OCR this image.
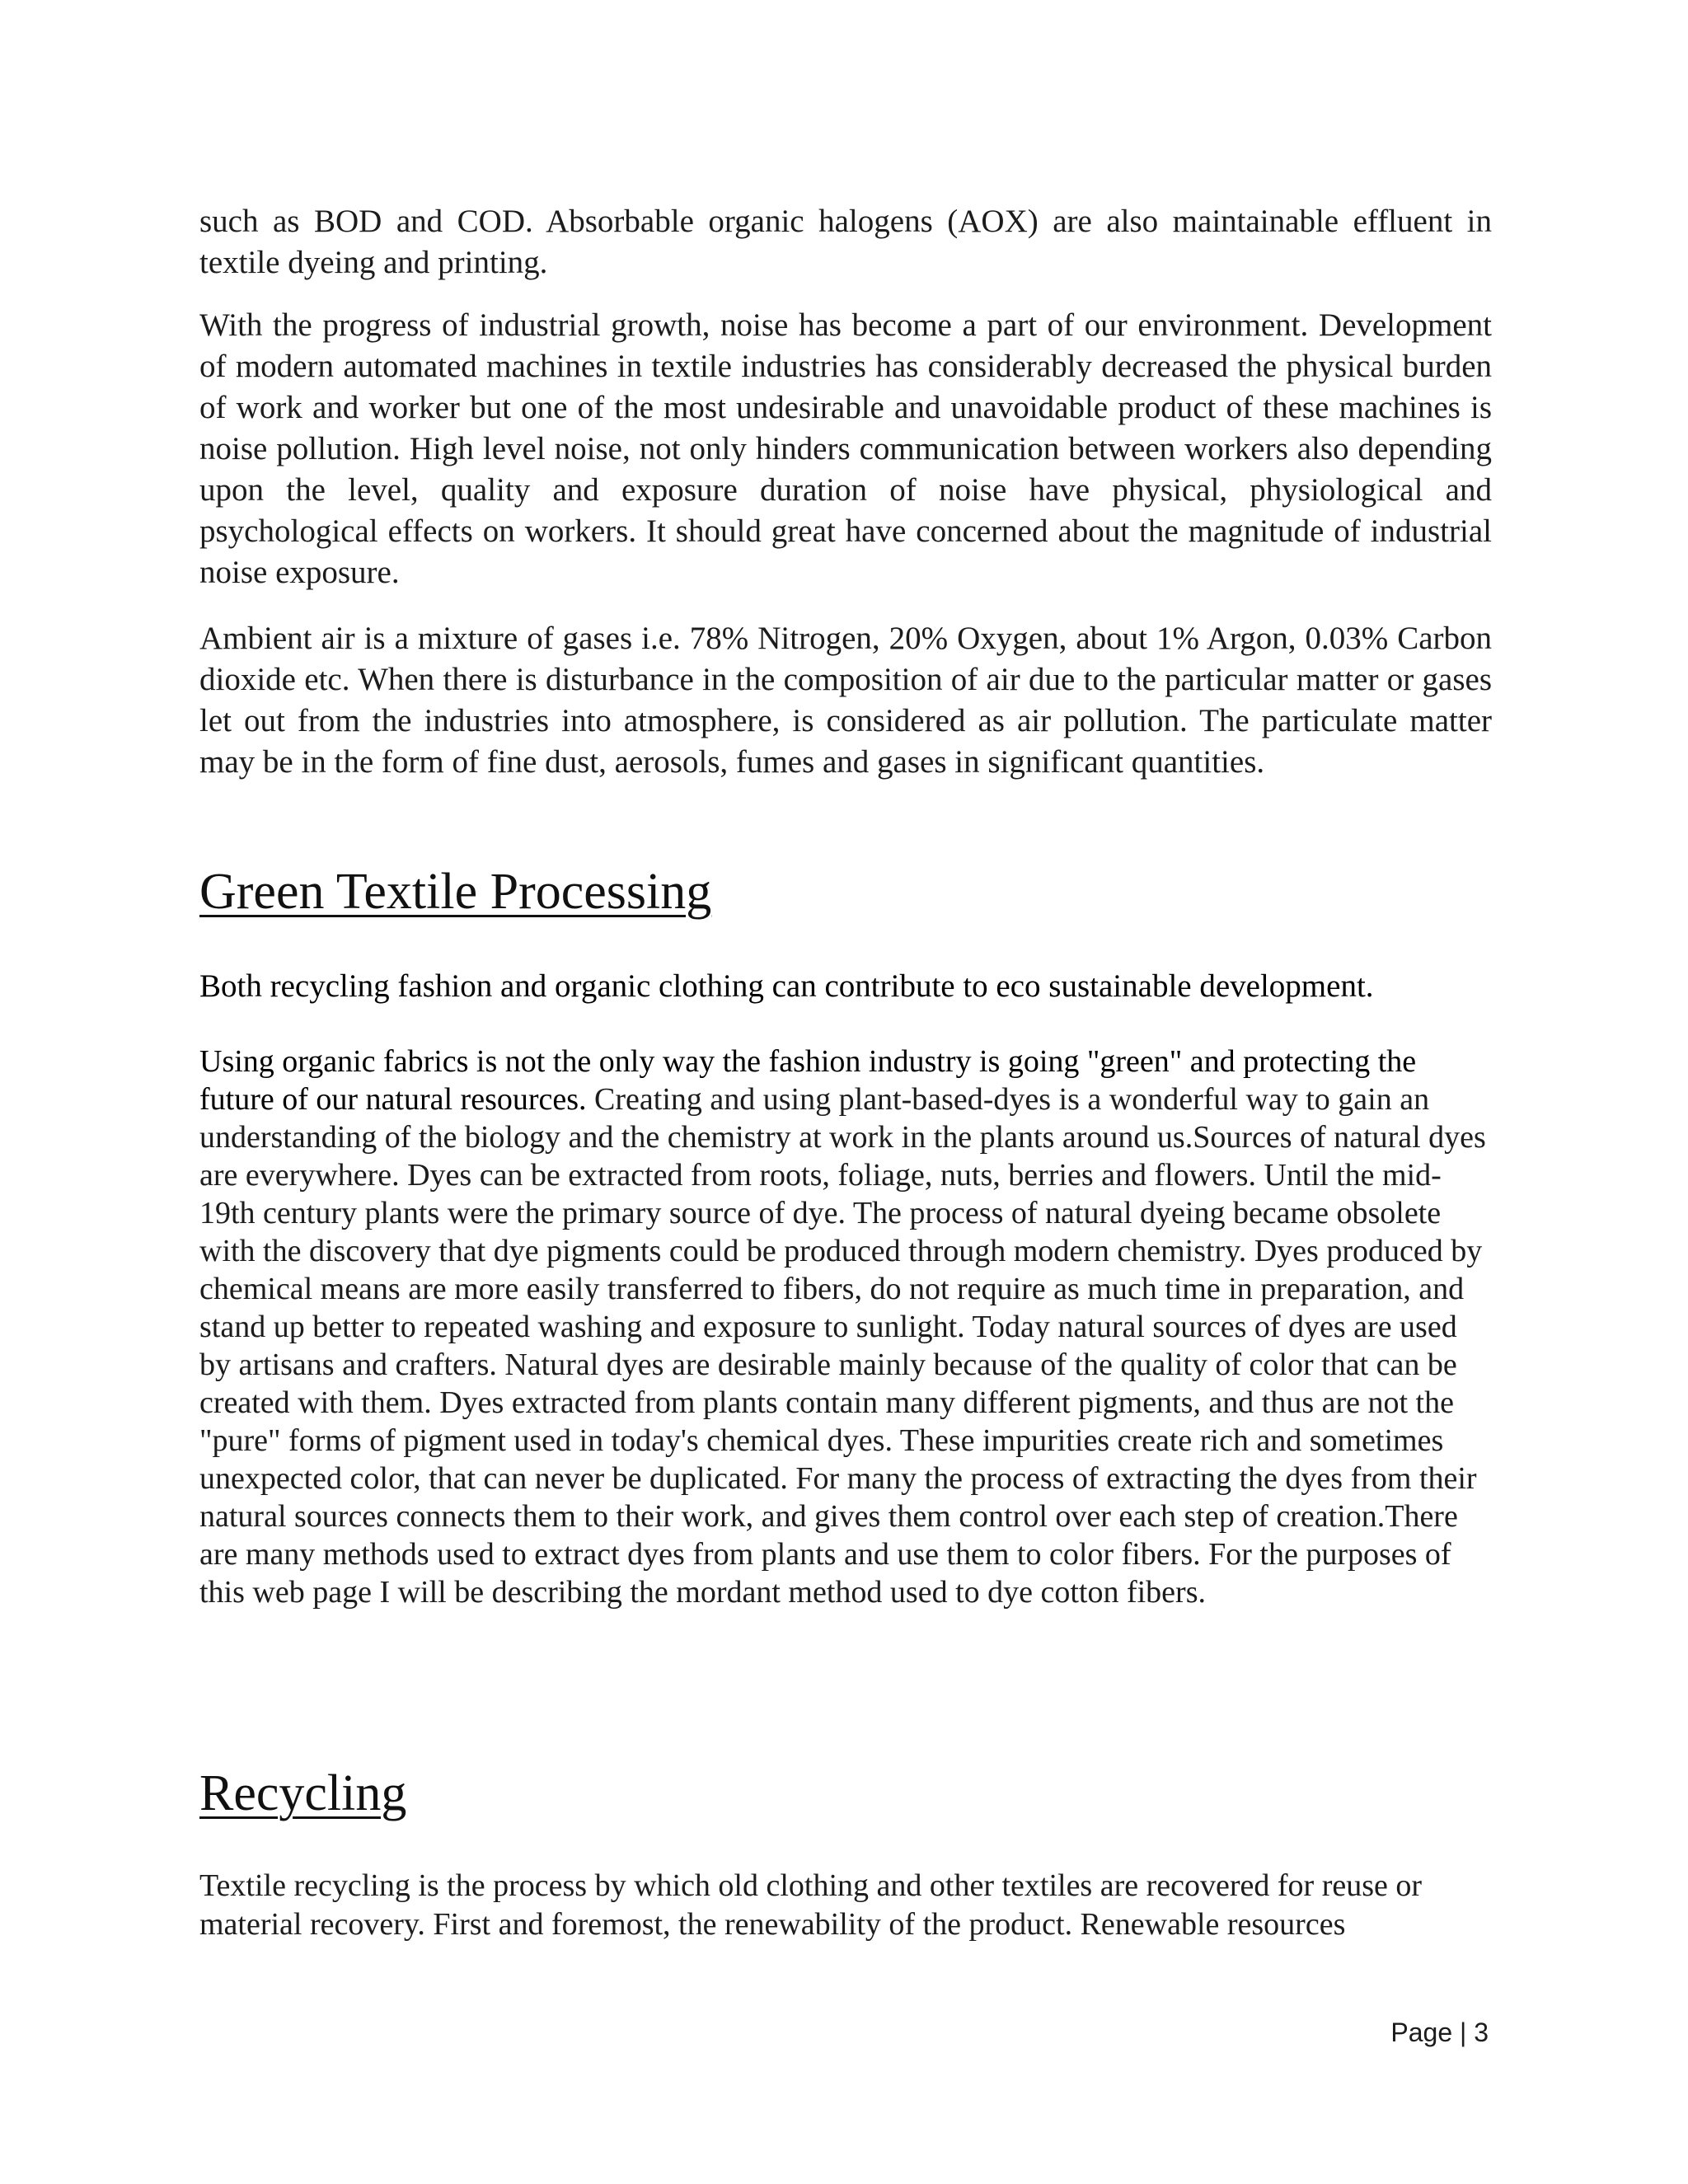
such as BOD and COD. Absorbable organic halogens (AOX) are also maintainable effluent in textile dyeing and printing.

With the progress of industrial growth, noise has become a part of our environment. Development of modern automated machines in textile industries has considerably decreased the physical burden of work and worker but one of the most undesirable and unavoidable product of these machines is noise pollution. High level noise, not only hinders communication between workers also depending upon the level, quality and exposure duration of noise have physical, physiological and psychological effects on workers. It should great have concerned about the magnitude of industrial noise exposure.

Ambient air is a mixture of gases i.e. 78% Nitrogen, 20% Oxygen, about 1% Argon, 0.03% Carbon dioxide etc. When there is disturbance in the composition of air due to the particular matter or gases let out from the industries into atmosphere, is considered as air pollution. The particulate matter may be in the form of fine dust, aerosols, fumes and gases in significant quantities.

Green Textile Processing

Both recycling fashion and organic clothing can contribute to eco sustainable development.

Using organic fabrics is not the only way the fashion industry is going "green" and protecting the future of our natural resources. Creating and using plant-based-dyes is a wonderful way to gain an understanding of the biology and the chemistry at work in the plants around us.Sources of natural dyes are everywhere. Dyes can be extracted from roots, foliage, nuts, berries and flowers. Until the mid-19th century plants were the primary source of dye. The process of natural dyeing became obsolete with the discovery that dye pigments could be produced through modern chemistry. Dyes produced by chemical means are more easily transferred to fibers, do not require as much time in preparation, and stand up better to repeated washing and exposure to sunlight. Today natural sources of dyes are used by artisans and crafters. Natural dyes are desirable mainly because of the quality of color that can be created with them. Dyes extracted from plants contain many different pigments, and thus are not the "pure" forms of pigment used in today's chemical dyes. These impurities create rich and sometimes unexpected color, that can never be duplicated. For many the process of extracting the dyes from their natural sources connects them to their work, and gives them control over each step of creation.There are many methods used to extract dyes from plants and use them to color fibers. For the purposes of this web page I will be describing the mordant method used to dye cotton fibers.

Recycling

Textile recycling is the process by which old clothing and other textiles are recovered for reuse or material recovery. First and foremost, the renewability of the product. Renewable resources

Page | 3
